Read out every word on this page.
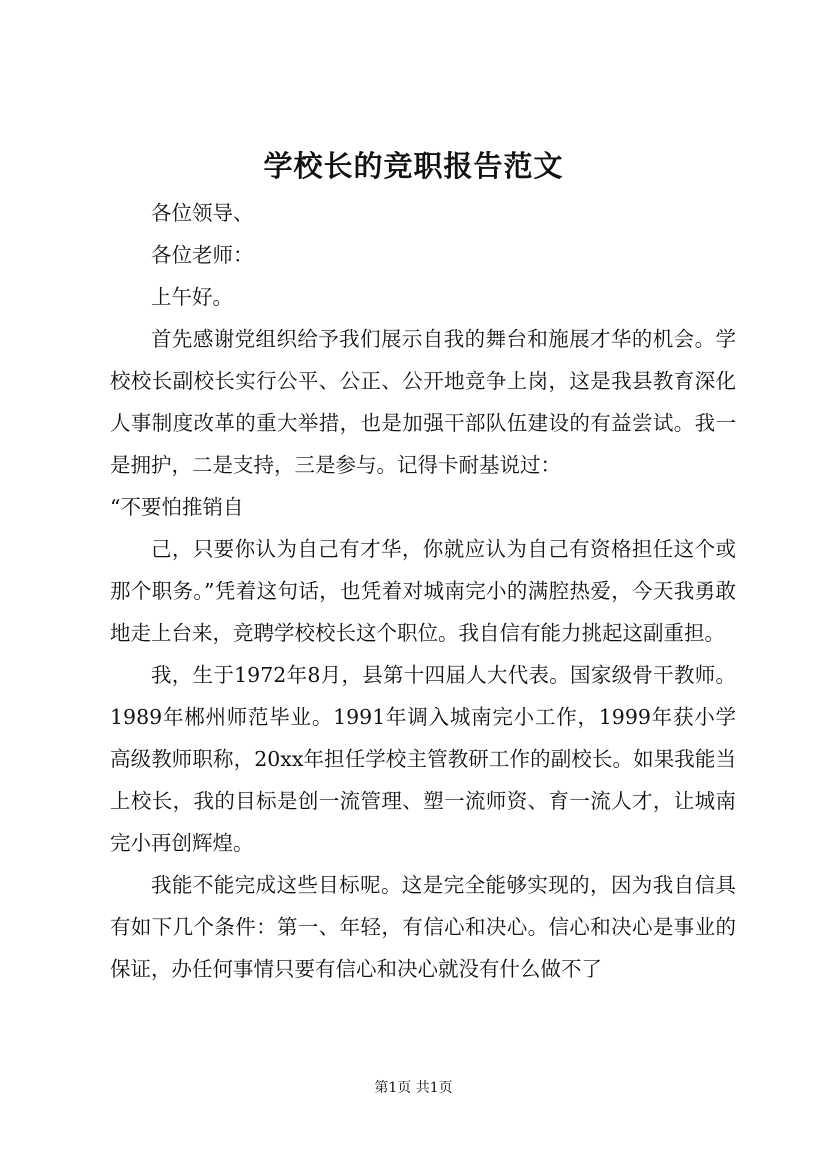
学校长的竞职报告范文

各位领导、

各位老师：

上午好。

首先感谢党组织给予我们展示自我的舞台和施展才华的机会。学校校长副校长实行公平、公正、公开地竞争上岗，这是我县教育深化人事制度改革的重大举措，也是加强干部队伍建设的有益尝试。我一是拥护，二是支持，三是参与。记得卡耐基说过：

“不要怕推销自

己，只要你认为自己有才华，你就应认为自己有资格担任这个或那个职务。”凭着这句话，也凭着对城南完小的满腔热爱，今天我勇敢地走上台来，竞聘学校校长这个职位。我自信有能力挑起这副重担。

我，生于1972年8月，县第十四届人大代表。国家级骨干教师。1989年郴州师范毕业。1991年调入城南完小工作，1999年获小学高级教师职称，20xx年担任学校主管教研工作的副校长。如果我能当上校长，我的目标是创一流管理、塑一流师资、育一流人才，让城南完小再创辉煌。

我能不能完成这些目标呢。这是完全能够实现的，因为我自信具有如下几个条件：第一、年轻，有信心和决心。信心和决心是事业的保证，办任何事情只要有信心和决心就没有什么做不了

第1页 共1页
